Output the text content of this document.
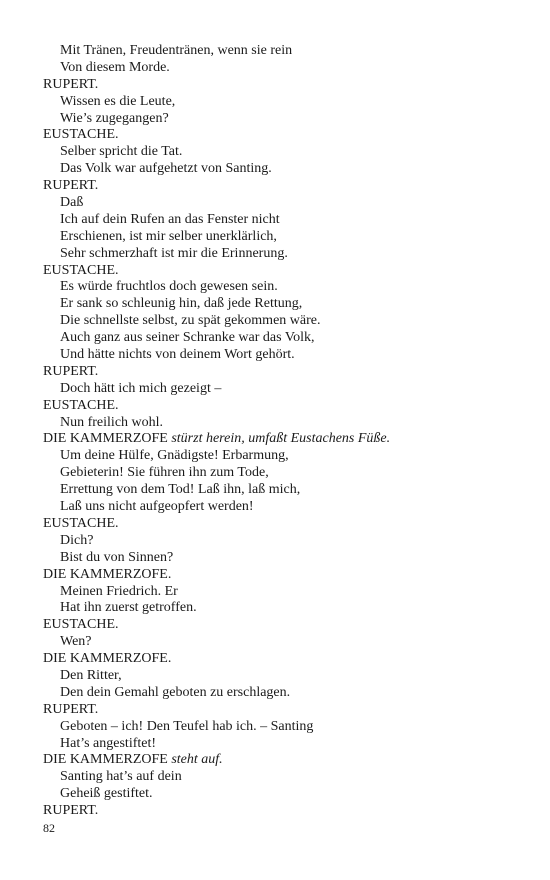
Mit Tränen, Freudentränen, wenn sie rein
Von diesem Morde.
RUPERT.
Wissen es die Leute,
Wie’s zugegangen?
EUSTACHE.
Selber spricht die Tat.
Das Volk war aufgehetzt von Santing.
RUPERT.
Daß
Ich auf dein Rufen an das Fenster nicht
Erschienen, ist mir selber unerklärlich,
Sehr schmerzhaft ist mir die Erinnerung.
EUSTACHE.
Es würde fruchtlos doch gewesen sein.
Er sank so schleunig hin, daß jede Rettung,
Die schnellste selbst, zu spät gekommen wäre.
Auch ganz aus seiner Schranke war das Volk,
Und hätte nichts von deinem Wort gehört.
RUPERT.
Doch hätt ich mich gezeigt –
EUSTACHE.
Nun freilich wohl.
DIE KAMMERZOFE stürzt herein, umfaßt Eustachens Füße.
Um deine Hülfe, Gnädigste! Erbarmung,
Gebieterin! Sie führen ihn zum Tode,
Errettung von dem Tod! Laß ihn, laß mich,
Laß uns nicht aufgeopfert werden!
EUSTACHE.
Dich?
Bist du von Sinnen?
DIE KAMMERZOFE.
Meinen Friedrich. Er
Hat ihn zuerst getroffen.
EUSTACHE.
Wen?
DIE KAMMERZOFE.
Den Ritter,
Den dein Gemahl geboten zu erschlagen.
RUPERT.
Geboten – ich! Den Teufel hab ich. – Santing
Hat’s angestiftet!
DIE KAMMERZOFE steht auf.
Santing hat’s auf dein
Geheiß gestiftet.
RUPERT.
82
